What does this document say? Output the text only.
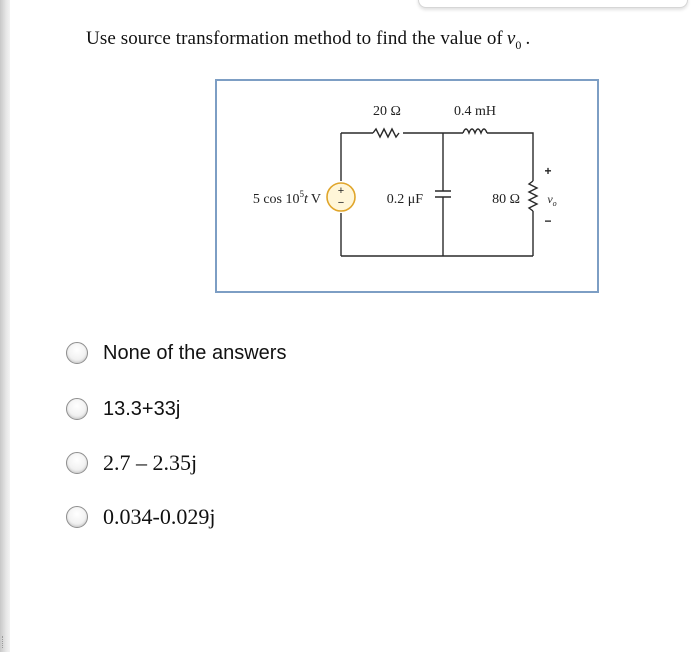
Use source transformation method to find the value of $v_0$ .
+
−
20 Ω	0.4 mH
0.2 μF	80 Ω
5 $\cos 10^5t$ V
+
$v_o$
−
None of the answers
13.3+33j
2.7 – 2.35j
0.034-0.029j
